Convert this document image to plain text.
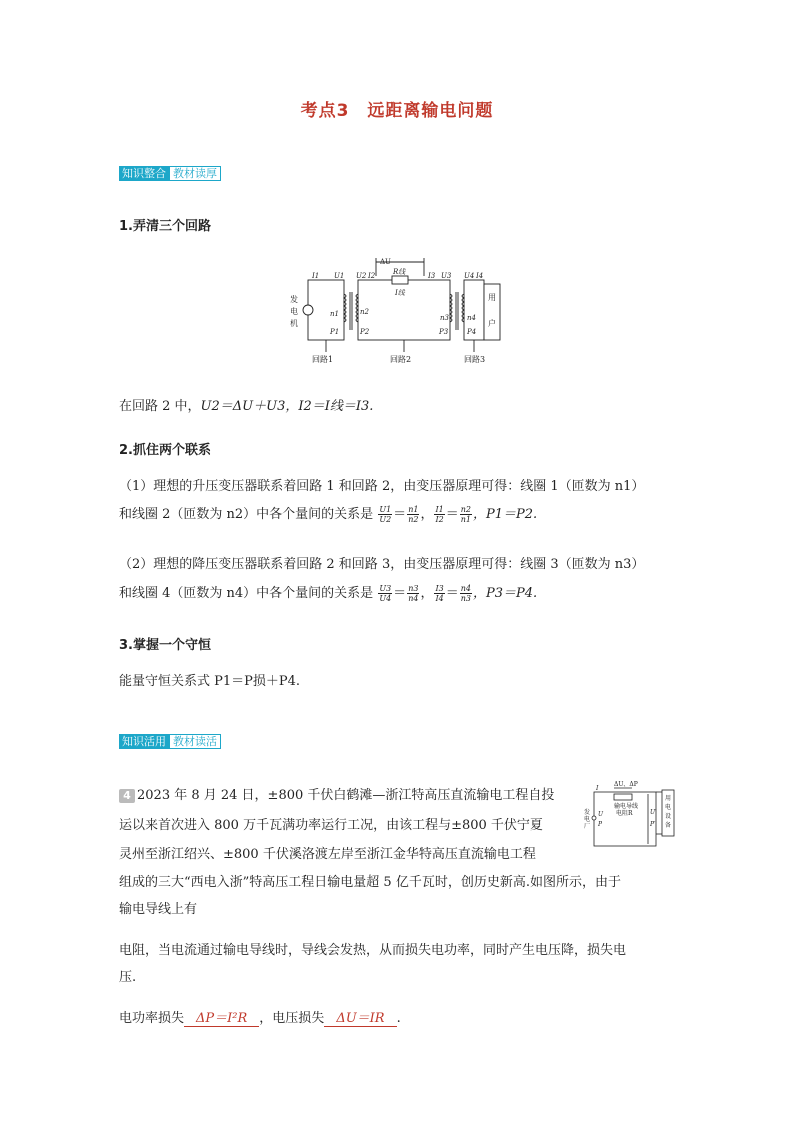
考点3　远距离输电问题
知识整合 教材读厚
1.弄清三个回路
ΔU
R线
I线
I1 U1 U2 I2	I3 U3 U4 I4
n1	n2
n3	n4
P1	P2	P3	P4
发
电
机
用
户
回路1	回路2	回路3
在回路 2 中，U2＝ΔU＋U3，I2＝I线＝I3.
2.抓住两个联系
（1）理想的升压变压器联系着回路 1 和回路 2，由变压器原理可得：线圈 1（匝数为 n1）
和线圈 2（匝数为 n2）中各个量间的关系是 $\frac{U1}{U2} = \frac{n1}{n2}$ ， $\frac{I1}{I2} = \frac{n2}{n1}$ ，P1＝P2.
（2）理想的降压变压器联系着回路 2 和回路 3，由变压器原理可得：线圈 3（匝数为 n3）
和线圈 4（匝数为 n4）中各个量间的关系是 $\frac{U3}{U4} = \frac{n3}{n4}$ ， $\frac{I3}{I4} = \frac{n4}{n3}$ ，P3＝P4.
3.掌握一个守恒
能量守恒关系式 P1＝P损＋P4.
知识活用 教材读活
4 2023 年 8 月 24 日，±800 千伏白鹤滩—浙江特高压直流输电工程自投
运以来首次进入 800 万千瓦满功率运行工况，由该工程与±800 千伏宁夏
灵州至浙江绍兴、±800 千伏溪洛渡左岸至浙江金华特高压直流输电工程
组成的三大“西电入浙”特高压工程日输电量超 5 亿千瓦时，创历史新高.如图所示，由于
输电导线上有
电阻，当电流通过输电导线时，导线会发热，从而损失电功率，同时产生电压降，损失电
压.
电功率损失 ΔP＝I²R ，电压损失 ΔU＝IR .
ΔU、ΔP
I
输电导线
电阻R
发
电
厂
U
P
U′
P′
用
电
设
备
